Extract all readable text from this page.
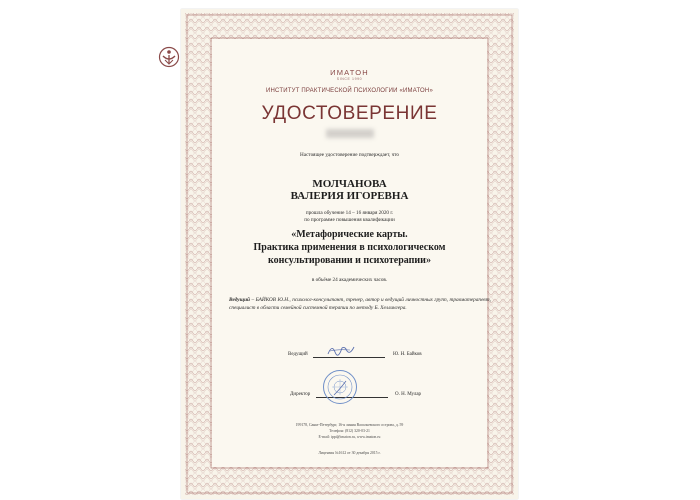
ИМАТОН
SINCE 1990
ИНСТИТУТ ПРАКТИЧЕСКОЙ ПСИХОЛОГИИ «ИМАТОН»
УДОСТОВЕРЕНИЕ
Настоящее удостоверение подтверждает, что
МОЛЧАНОВА
ВАЛЕРИЯ ИГОРЕВНА
прошла обучение 14 – 16 января 2020 г.
по программе повышения квалификации
«Метафорические карты.
Практика применения в психологическом
консультировании и психотерапии»
в объёме 24 академических часов.
Ведущий – БАЙКОВ Ю.Н., психолог-консультант, тренер, автор и ведущий личностных групп, травматерапевт, специалист в области семейной системной терапии по методу Б. Хеллингера.
Ведущий	Ю. Н. Байков
Директор	О. Н. Мулар
199178, Санкт-Петербург, 16-я линия Васильевского острова, д. 59
Телефон: (812) 320-03-21
E-mail: ippi@imaton.ru, www.imaton.ru
Лицензия №1612 от 30 декабря 2015 г.
